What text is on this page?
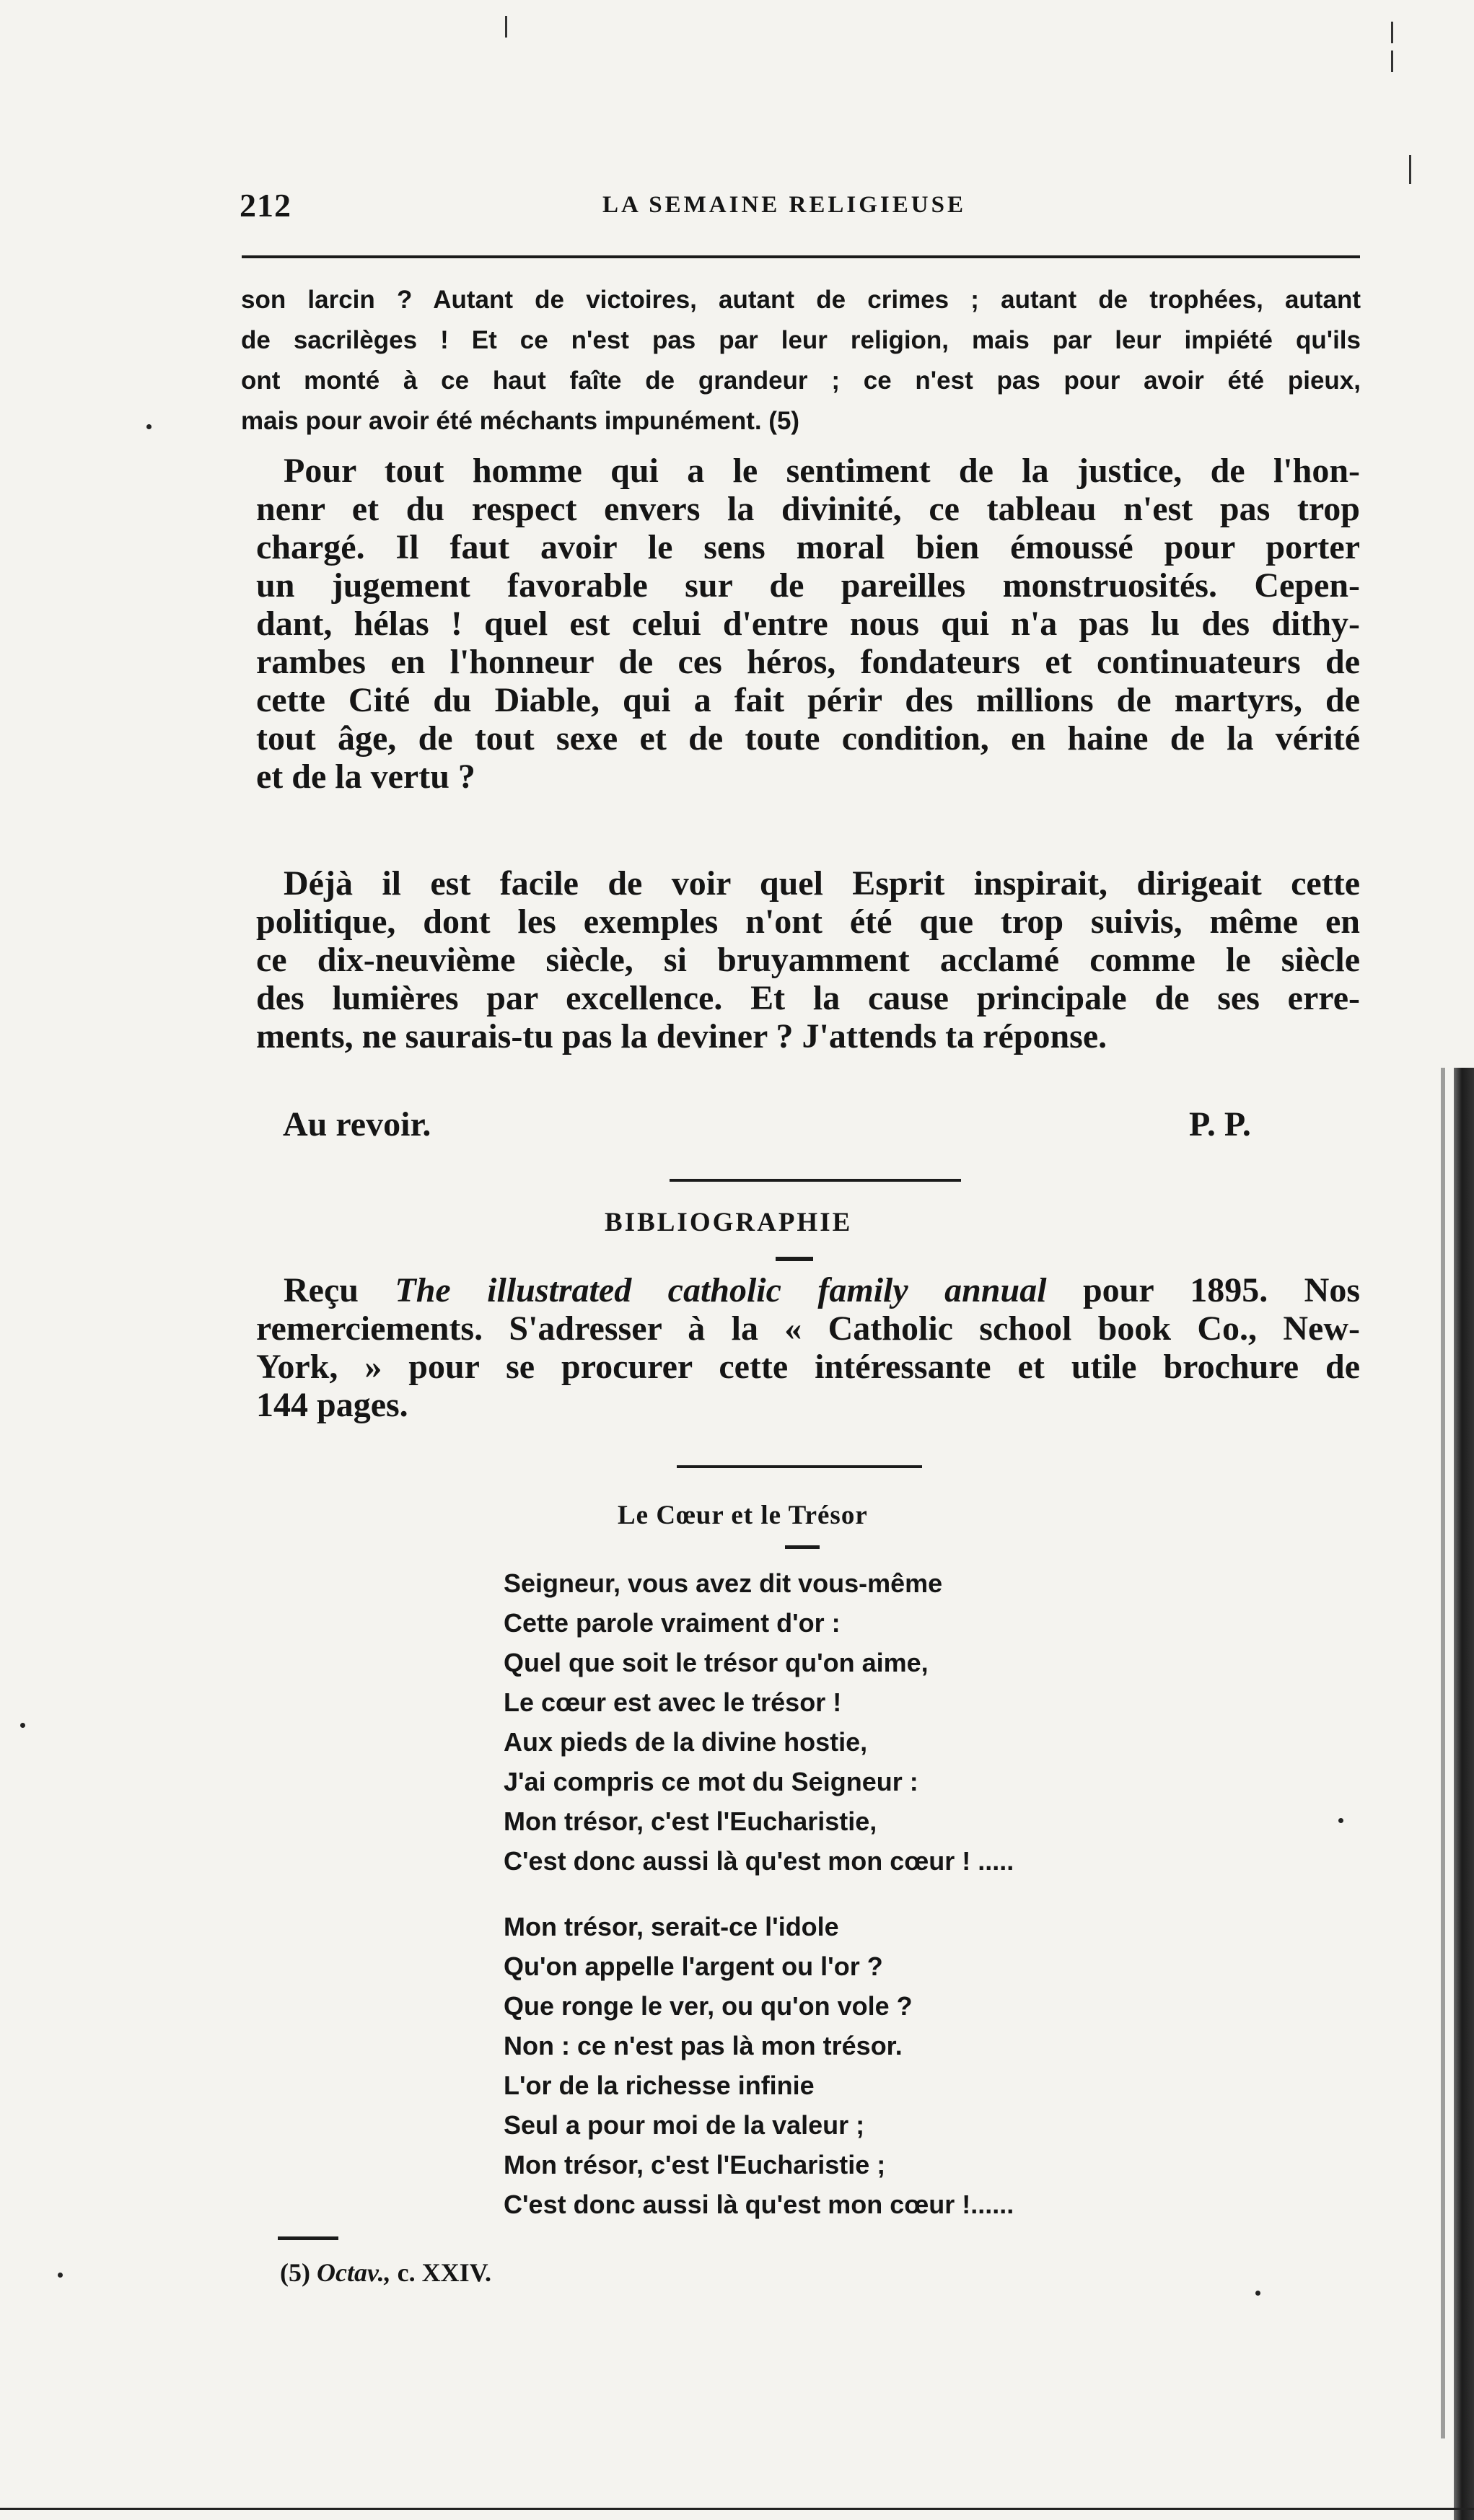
212	LA SEMAINE RELIGIEUSE

son larcin ? Autant de victoires, autant de crimes ; autant de trophées, autant
de sacrilèges ! Et ce n'est pas par leur religion, mais par leur impiété qu'ils
ont monté à ce haut faîte de grandeur ; ce n'est pas pour avoir été pieux,
mais pour avoir été méchants impunément. (5)

Pour tout homme qui a le sentiment de la justice, de l'hon-
nenr et du respect envers la divinité, ce tableau n'est pas trop
chargé. Il faut avoir le sens moral bien émoussé pour porter
un jugement favorable sur de pareilles monstruosités. Cepen-
dant, hélas ! quel est celui d'entre nous qui n'a pas lu des dithy-
rambes en l'honneur de ces héros, fondateurs et continuateurs de
cette Cité du Diable, qui a fait périr des millions de martyrs, de
tout âge, de tout sexe et de toute condition, en haine de la vérité
et de la vertu ?

Déjà il est facile de voir quel Esprit inspirait, dirigeait cette
politique, dont les exemples n'ont été que trop suivis, même en
ce dix-neuvième siècle, si bruyamment acclamé comme le siècle
des lumières par excellence. Et la cause principale de ses erre-
ments, ne saurais-tu pas la deviner ? J'attends ta réponse.

Au revoir.	P. P.
BIBLIOGRAPHIE

Reçu The illustrated catholic family annual pour 1895. Nos
remerciements. S'adresser à la « Catholic school book Co., New-
York, » pour se procurer cette intéressante et utile brochure de
144 pages.

Le Cœur et le Trésor

Seigneur, vous avez dit vous-même
Cette parole vraiment d'or :
Quel que soit le trésor qu'on aime,
Le cœur est avec le trésor !
Aux pieds de la divine hostie,
J'ai compris ce mot du Seigneur :
Mon trésor, c'est l'Eucharistie,
C'est donc aussi là qu'est mon cœur ! .....

Mon trésor, serait-ce l'idole
Qu'on appelle l'argent ou l'or ?
Que ronge le ver, ou qu'on vole ?
Non : ce n'est pas là mon trésor.
L'or de la richesse infinie
Seul a pour moi de la valeur ;
Mon trésor, c'est l'Eucharistie ;
C'est donc aussi là qu'est mon cœur !......

(5) Octav., c. XXIV.
